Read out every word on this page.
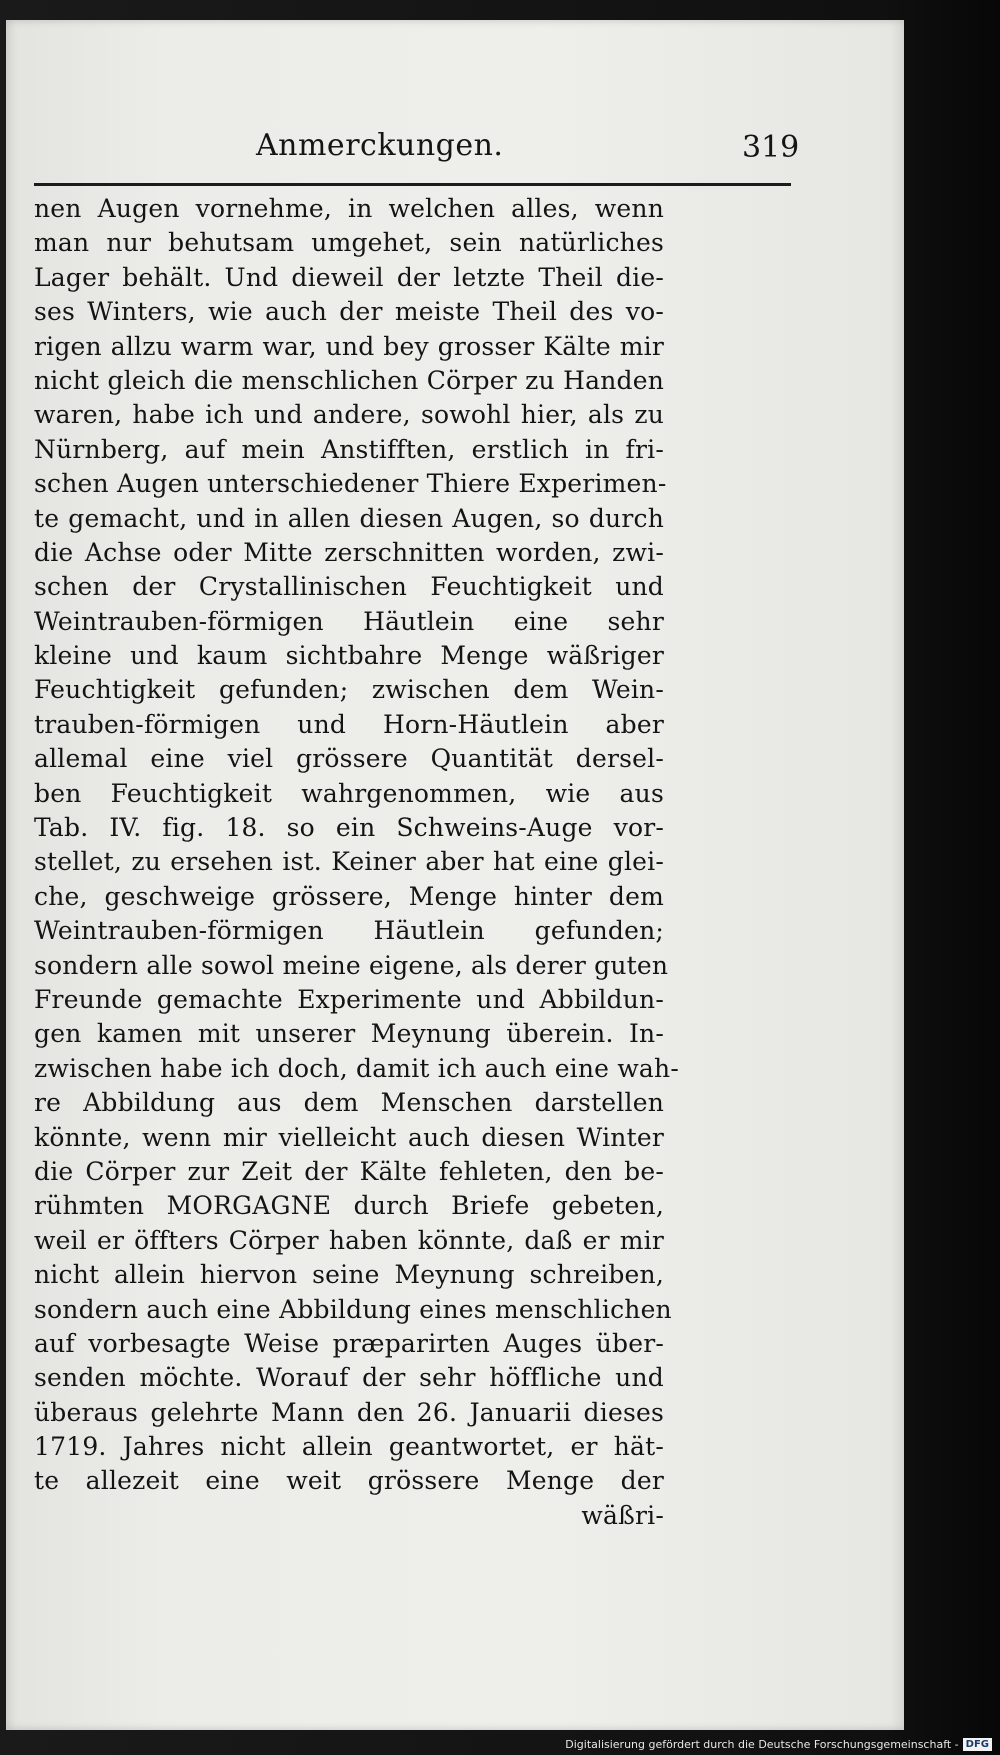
Anmerckungen.	319
nen Augen vornehme, in welchen alles, wenn
man nur behutsam umgehet, sein natürliches
Lager behält. Und dieweil der letzte Theil die-
ses Winters, wie auch der meiste Theil des vo-
rigen allzu warm war, und bey grosser Kälte mir
nicht gleich die menschlichen Cörper zu Handen
waren, habe ich und andere, sowohl hier, als zu
Nürnberg, auf mein Anstifften, erstlich in fri-
schen Augen unterschiedener Thiere Experimen-
te gemacht, und in allen diesen Augen, so durch
die Achse oder Mitte zerschnitten worden, zwi-
schen der Crystallinischen Feuchtigkeit und
Weintrauben-förmigen Häutlein eine sehr
kleine und kaum sichtbahre Menge wäßriger
Feuchtigkeit gefunden; zwischen dem Wein-
trauben-förmigen und Horn-Häutlein aber
allemal eine viel grössere Quantität dersel-
ben Feuchtigkeit wahrgenommen, wie aus
Tab. IV. fig. 18. so ein Schweins-Auge vor-
stellet, zu ersehen ist. Keiner aber hat eine glei-
che, geschweige grössere, Menge hinter dem
Weintrauben-förmigen Häutlein gefunden;
sondern alle sowol meine eigene, als derer guten
Freunde gemachte Experimente und Abbildun-
gen kamen mit unserer Meynung überein. In-
zwischen habe ich doch, damit ich auch eine wah-
re Abbildung aus dem Menschen darstellen
könnte, wenn mir vielleicht auch diesen Winter
die Cörper zur Zeit der Kälte fehleten, den be-
rühmten MORGAGNE durch Briefe gebeten,
weil er öffters Cörper haben könnte, daß er mir
nicht allein hiervon seine Meynung schreiben,
sondern auch eine Abbildung eines menschlichen
auf vorbesagte Weise præparirten Auges über-
senden möchte. Worauf der sehr höffliche und
überaus gelehrte Mann den 26. Januarii dieses
1719. Jahres nicht allein geantwortet, er hät-
te allezeit eine weit grössere Menge der
wäßri-
Digitalisierung gefördert durch die Deutsche Forschungsgemeinschaft - DFG
